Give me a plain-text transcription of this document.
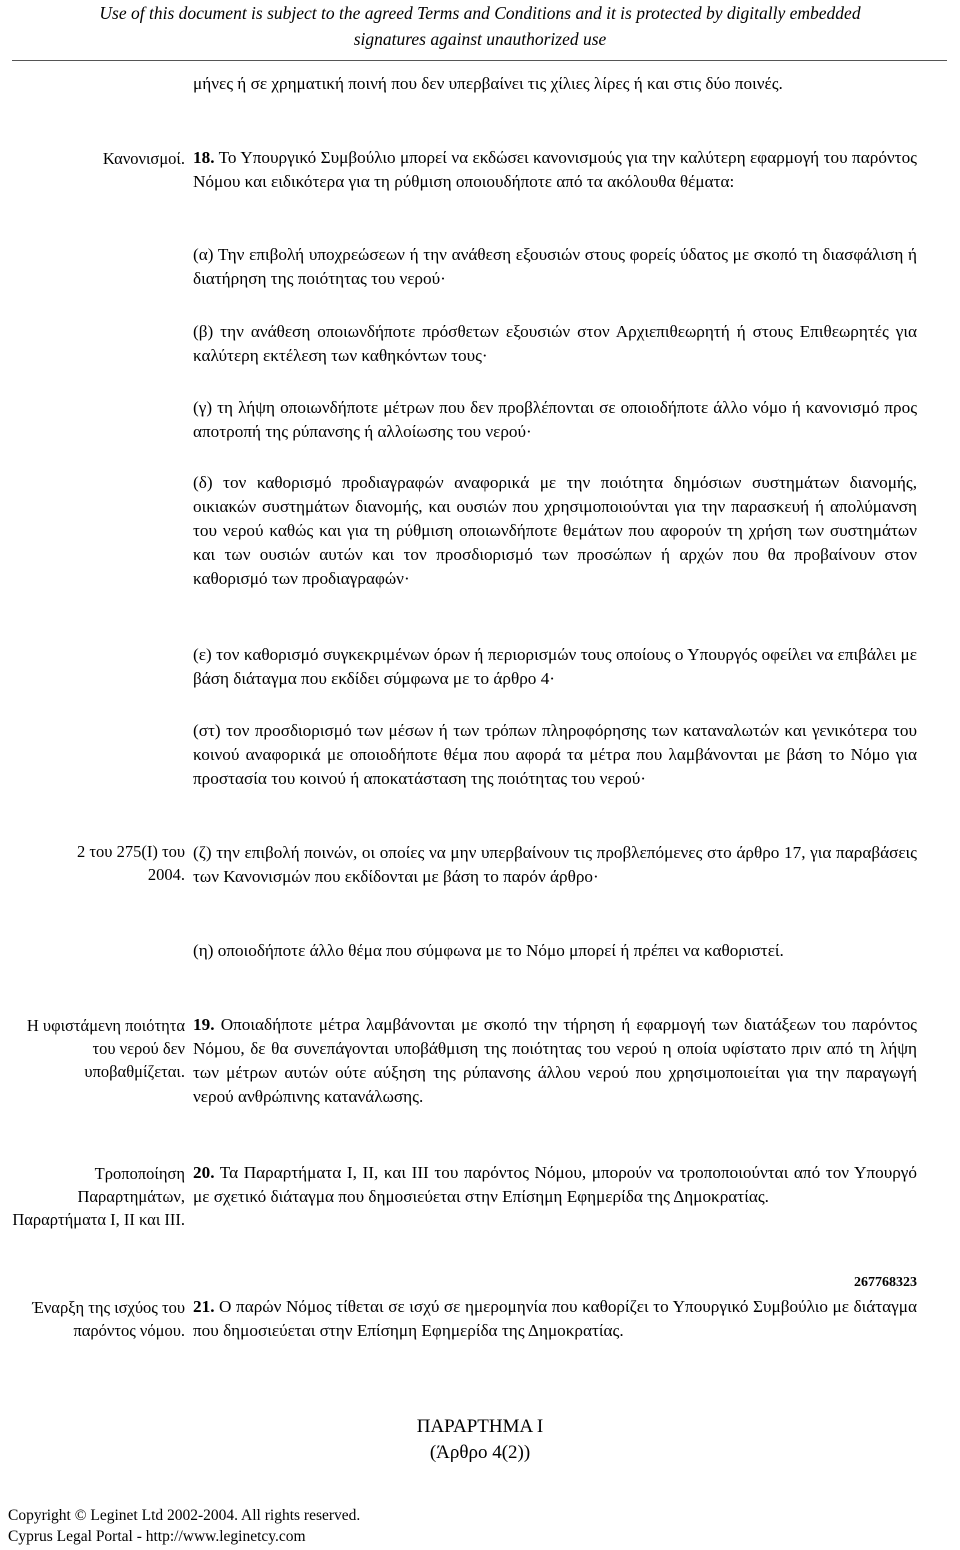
Use of this document is subject to the agreed Terms and Conditions and it is protected by digitally embedded
signatures against unauthorized use

μήνες ή σε χρηματική ποινή που δεν υπερβαίνει τις χίλιες λίρες ή και στις δύο ποινές.

Κανονισμοί. 18. Το Υπουργικό Συμβούλιο μπορεί να εκδώσει κανονισμούς για την καλύτερη εφαρμογή του παρόντος Νόμου και ειδικότερα για τη ρύθμιση οποιουδήποτε από τα ακόλουθα θέματα:

(α) Την επιβολή υποχρεώσεων ή την ανάθεση εξουσιών στους φορείς ύδατος με σκοπό τη διασφάλιση ή διατήρηση της ποιότητας του νερού·

(β) την ανάθεση οποιωνδήποτε πρόσθετων εξουσιών στον Αρχιεπιθεωρητή ή στους Επιθεωρητές για καλύτερη εκτέλεση των καθηκόντων τους·

(γ) τη λήψη οποιωνδήποτε μέτρων που δεν προβλέπονται σε οποιοδήποτε άλλο νόμο ή κανονισμό προς αποτροπή της ρύπανσης ή αλλοίωσης του νερού·

(δ) τον καθορισμό προδιαγραφών αναφορικά με την ποιότητα δημόσιων συστημάτων διανομής, οικιακών συστημάτων διανομής, και ουσιών που χρησιμοποιούνται για την παρασκευή ή απολύμανση του νερού καθώς και για τη ρύθμιση οποιωνδήποτε θεμάτων που αφορούν τη χρήση των συστημάτων και των ουσιών αυτών και τον προσδιορισμό των προσώπων ή αρχών που θα προβαίνουν στον καθορισμό των προδιαγραφών·

(ε) τον καθορισμό συγκεκριμένων όρων ή περιορισμών τους οποίους ο Υπουργός οφείλει να επιβάλει με βάση διάταγμα που εκδίδει σύμφωνα με το άρθρο 4·

(στ) τον προσδιορισμό των μέσων ή των τρόπων πληροφόρησης των καταναλωτών και γενικότερα του κοινού αναφορικά με οποιοδήποτε θέμα που αφορά τα μέτρα που λαμβάνονται με βάση το Νόμο για προστασία του κοινού ή αποκατάσταση της ποιότητας του νερού·

2 του 275(Ι) του
2004.

(ζ) την επιβολή ποινών, οι οποίες να μην υπερβαίνουν τις προβλεπόμενες στο άρθρο 17, για παραβάσεις των Κανονισμών που εκδίδονται με βάση το παρόν άρθρο·

(η) οποιοδήποτε άλλο θέμα που σύμφωνα με το Νόμο μπορεί ή πρέπει να καθοριστεί.

Η υφιστάμενη ποιότητα του νερού δεν υποβαθμίζεται.

19. Οποιαδήποτε μέτρα λαμβάνονται με σκοπό την τήρηση ή εφαρμογή των διατάξεων του παρόντος Νόμου, δε θα συνεπάγονται υποβάθμιση της ποιότητας του νερού η οποία υφίστατο πριν από τη λήψη των μέτρων αυτών ούτε αύξηση της ρύπανσης άλλου νερού που χρησιμοποιείται για την παραγωγή νερού ανθρώπινης κατανάλωσης.

Τροποποίηση Παραρτημάτων, Παραρτήματα Ι, ΙΙ και ΙΙΙ.

20. Τα Παραρτήματα Ι, ΙΙ, και ΙΙΙ του παρόντος Νόμου, μπορούν να τροποποιούνται από τον Υπουργό με σχετικό διάταγμα που δημοσιεύεται στην Επίσημη Εφημερίδα της Δημοκρατίας.

267768323

Έναρξη της ισχύος του παρόντος νόμου.

21. Ο παρών Νόμος τίθεται σε ισχύ σε ημερομηνία που καθορίζει το Υπουργικό Συμβούλιο με διάταγμα που δημοσιεύεται στην Επίσημη Εφημερίδα της Δημοκρατίας.

ΠΑΡΑΡΤΗΜΑ Ι

(Άρθρο 4(2))

Copyright © Leginet Ltd 2002-2004. All rights reserved.

Cyprus Legal Portal - http://www.leginetcy.com
